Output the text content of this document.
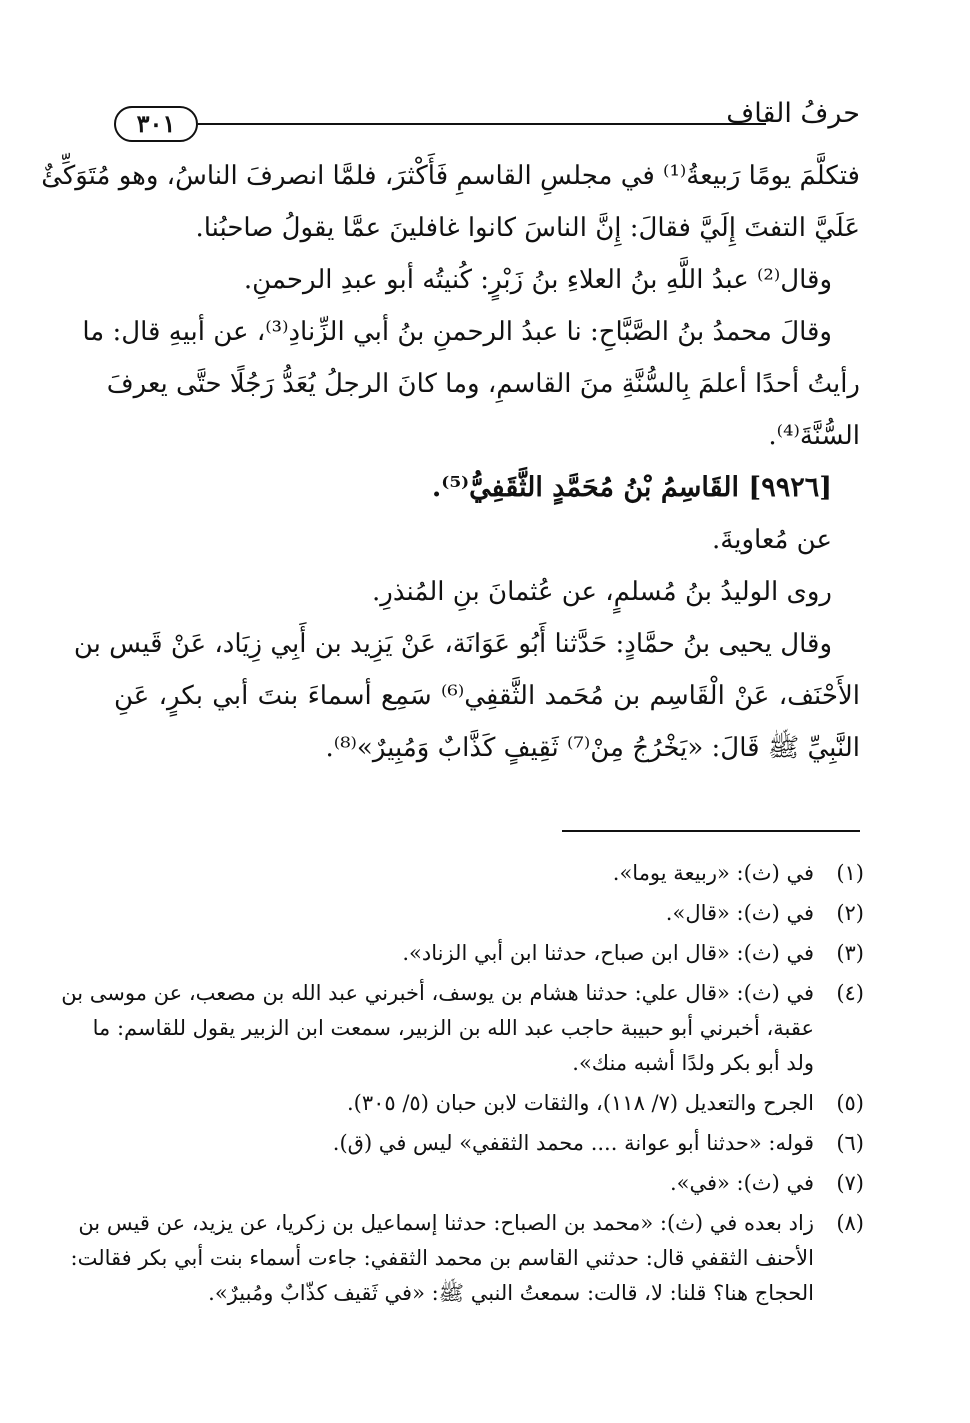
حرفُ القاف
٣٠١
فتكلَّمَ يومًا رَبيعةُ⁽¹⁾ في مجلسِ القاسمِ فَأَكْثرَ، فلمَّا انصرفَ الناسُ، وهو مُتَوَكِّئٌ
عَلَيَّ التفتَ إِلَيَّ فقالَ: إِنَّ الناسَ كانوا غافلينَ عمَّا يقولُ صاحبُنا.
وقال⁽²⁾ عبدُ اللَّهِ بنُ العلاءِ بنُ زَبْرٍ: كُنيتُه أبو عبدِ الرحمنِ.
وقالَ محمدُ بنُ الصَّبَّاحِ: نا عبدُ الرحمنِ بنُ أبي الزِّنادِ⁽³⁾، عن أبيهِ قال: ما
رأيتُ أحدًا أعلمَ بِالسُّنَّةِ منَ القاسمِ، وما كانَ الرجلُ يُعَدُّ رَجُلًا حتَّى يعرفَ
السُّنَّةَ⁽⁴⁾.
[٩٩٢٦] القَاسِمُ بْنُ مُحَمَّدٍ الثَّقَفِيُّ⁽⁵⁾.
عن مُعاويةَ.
روى الوليدُ بنُ مُسلمٍ، عن عُثمانَ بنِ المُنذرِ.
وقال يحيى بنُ حمَّادٍ: حَدَّثنا أَبُو عَوَانَة، عَنْ يَزِيد بن أَبِي زِيَاد، عَنْ قَيس بن
الأَحْنَف، عَنْ الْقَاسِم بن مُحَمد الثَّقفِي⁽⁶⁾ سَمِع أسماءَ بنتَ أبي بكرٍ، عَنِ
النَّبِيِّ ﷺ قَالَ: «يَخْرُجُ مِنْ⁽⁷⁾ ثَقِيفٍ كَذَّابٌ وَمُبِيرٌ»⁽⁸⁾.
(١)
في (ث): «ربيعة يوما».
(٢)
في (ث): «قال».
(٣)
في (ث): «قال ابن صباح، حدثنا ابن أبي الزناد».
(٤)
في (ث): «قال علي: حدثنا هشام بن يوسف، أخبرني عبد الله بن مصعب، عن موسى بن
عقبة، أخبرني أبو حبيبة حاجب عبد الله بن الزبير، سمعت ابن الزبير يقول للقاسم: ما
ولد أبو بكر ولدًا أشبه منك».
(٥)
الجرح والتعديل (٧/ ١١٨)، والثقات لابن حبان (٥/ ٣٠٥).
(٦)
قوله: «حدثنا أبو عوانة .... محمد الثقفي» ليس في (ق).
(٧)
في (ث): «في».
(٨)
زاد بعده في (ث): «محمد بن الصباح: حدثنا إسماعيل بن زكريا، عن يزيد، عن قيس بن
الأحنف الثقفي قال: حدثني القاسم بن محمد الثقفي: جاءت أسماء بنت أبي بكر فقالت:
الحجاج هنا؟ قلنا: لا، قالت: سمعتُ النبي ﷺ: «في ثَقيف كذّابٌ ومُبيرٌ».
